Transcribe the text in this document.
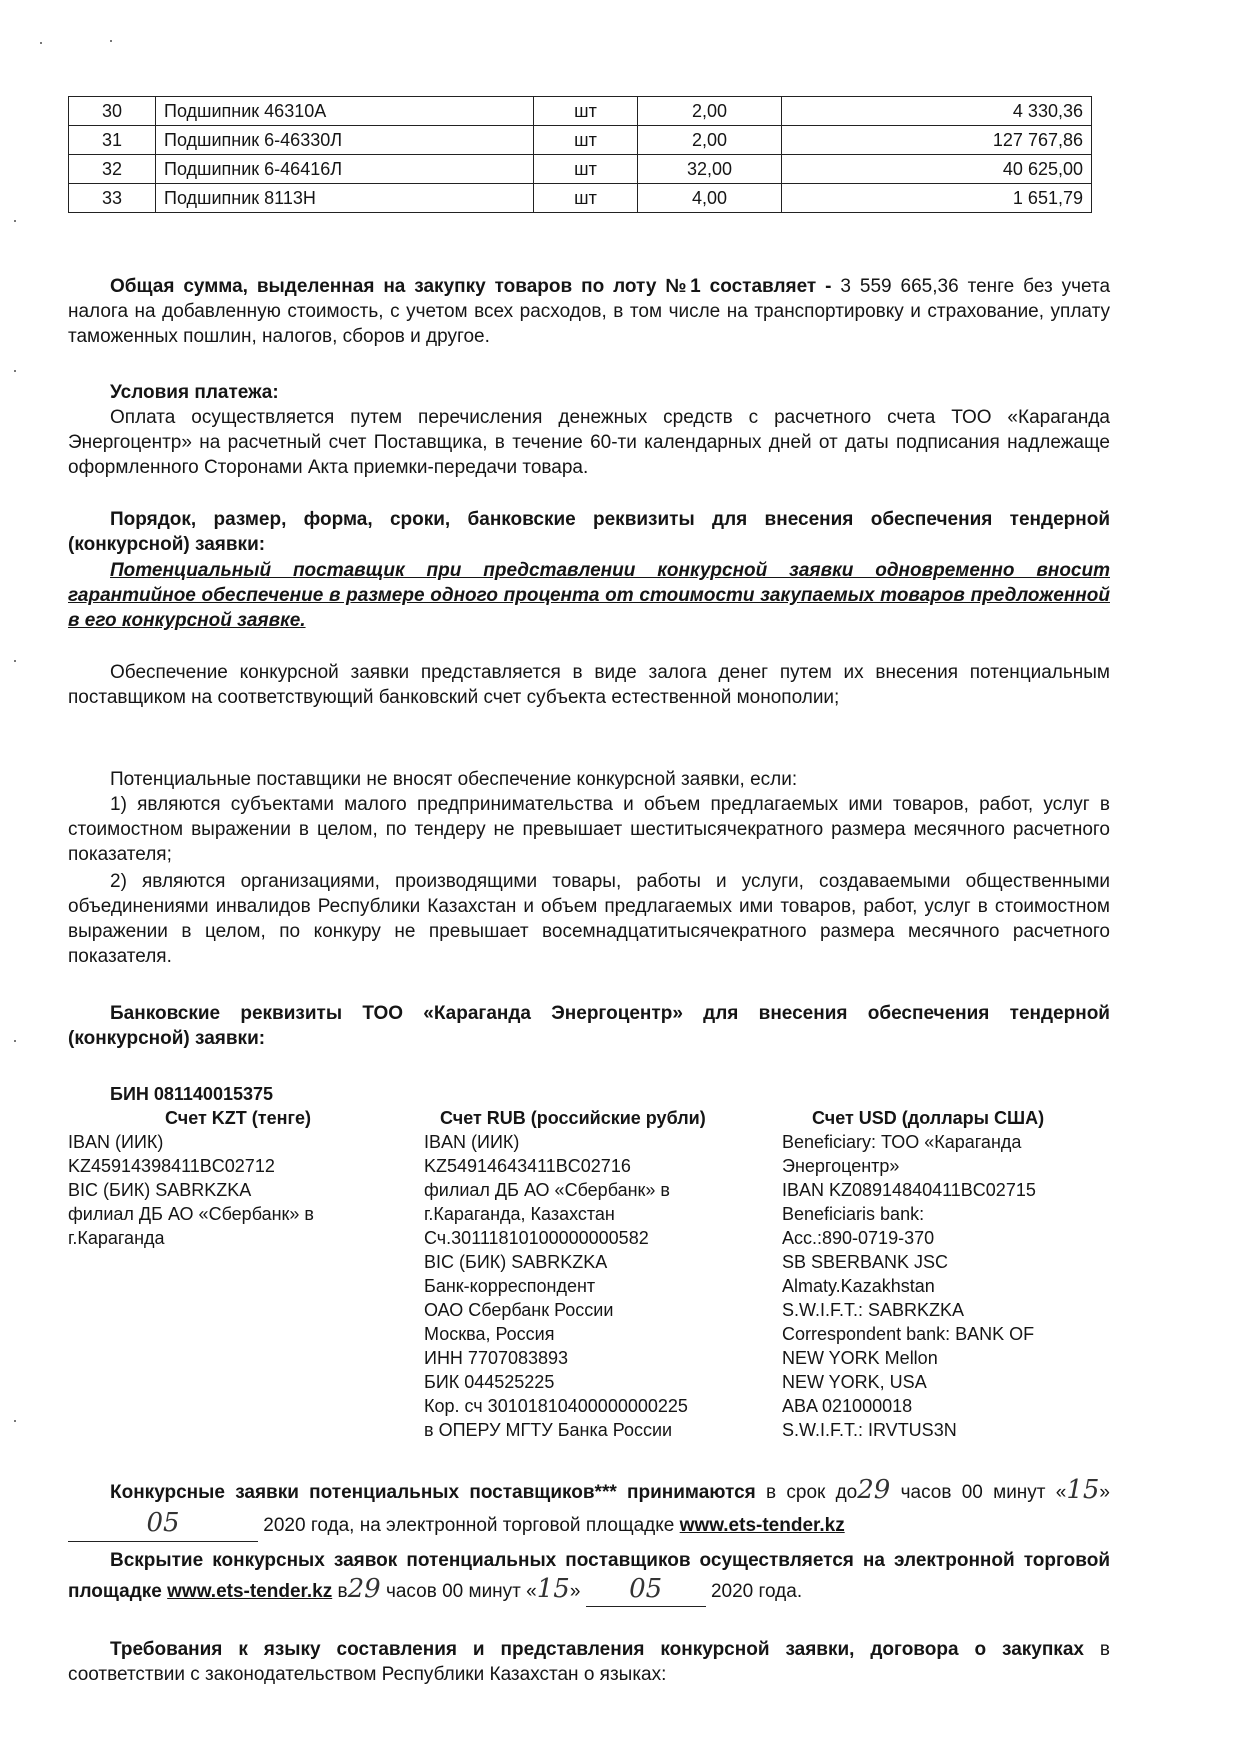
30	Подшипник 46310А	шт	2,00	4 330,36
31	Подшипник 6-46330Л	шт	2,00	127 767,86
32	Подшипник 6-46416Л	шт	32,00	40 625,00
33	Подшипник 8113Н	шт	4,00	1 651,79
Общая сумма, выделенная на закупку товаров по лоту №1 составляет - 3 559 665,36 тенге без учета налога на добавленную стоимость, с учетом всех расходов, в том числе на транспортировку и страхование, уплату таможенных пошлин, налогов, сборов и другое.
Условия платежа:
Оплата осуществляется путем перечисления денежных средств с расчетного счета ТОО «Караганда Энергоцентр» на расчетный счет Поставщика, в течение 60-ти календарных дней от даты подписания надлежаще оформленного Сторонами Акта приемки-передачи товара.
Порядок, размер, форма, сроки, банковские реквизиты для внесения обеспечения тендерной (конкурсной) заявки:
Потенциальный поставщик при представлении конкурсной заявки одновременно вносит гарантийное обеспечение в размере одного процента от стоимости закупаемых товаров предложенной в его конкурсной заявке.
Обеспечение конкурсной заявки представляется в виде залога денег путем их внесения потенциальным поставщиком на соответствующий банковский счет субъекта естественной монополии;
Потенциальные поставщики не вносят обеспечение конкурсной заявки, если:
1) являются субъектами малого предпринимательства и объем предлагаемых ими товаров, работ, услуг в стоимостном выражении в целом, по тендеру не превышает шеститысячекратного размера месячного расчетного показателя;
2) являются организациями, производящими товары, работы и услуги, создаваемыми общественными объединениями инвалидов Республики Казахстан и объем предлагаемых ими товаров, работ, услуг в стоимостном выражении в целом, по конкуру не превышает восемнадцатитысячекратного размера месячного расчетного показателя.
Банковские реквизиты ТОО «Караганда Энергоцентр» для внесения обеспечения тендерной (конкурсной) заявки:
БИН 081140015375
Счет KZT (тенге)
IBAN (ИИК)
KZ45914398411BC02712
BIC (БИК) SABRKZKA
филиал ДБ АО «Сбербанк» в
г.Караганда
Счет RUB (российские рубли)
IBAN (ИИК)
KZ54914643411BC02716
филиал ДБ АО «Сбербанк» в
г.Караганда, Казахстан
Сч.30111810100000000582
BIC (БИК) SABRKZKA
Банк-корреспондент
ОАО Сбербанк России
Москва, Россия
ИНН 7707083893
БИК 044525225
Кор. сч 30101810400000000225
в ОПЕРУ МГТУ Банка России
Счет USD (доллары США)
Beneficiary: ТОО «Караганда
Энергоцентр»
IBAN KZ08914840411BC02715
Beneficiaris bank:
Acc.:890-0719-370
SB SBERBANK JSC
Almaty.Kazakhstan
S.W.I.F.T.: SABRKZKA
Correspondent bank: BANK OF
NEW YORK Mellon
NEW YORK, USA
ABA 021000018
S.W.I.F.T.: IRVTUS3N
Конкурсные заявки потенциальных поставщиков*** принимаются в срок до29 часов 00 минут «15» 05	2020 года, на электронной торговой площадке www.ets-tender.kz
Вскрытие конкурсных заявок потенциальных поставщиков осуществляется на электронной торговой площадке www.ets-tender.kz в29 часов 00 минут «15» 05	2020 года.
Требования к языку составления и представления конкурсной заявки, договора о закупках в соответствии с законодательством Республики Казахстан о языках:
